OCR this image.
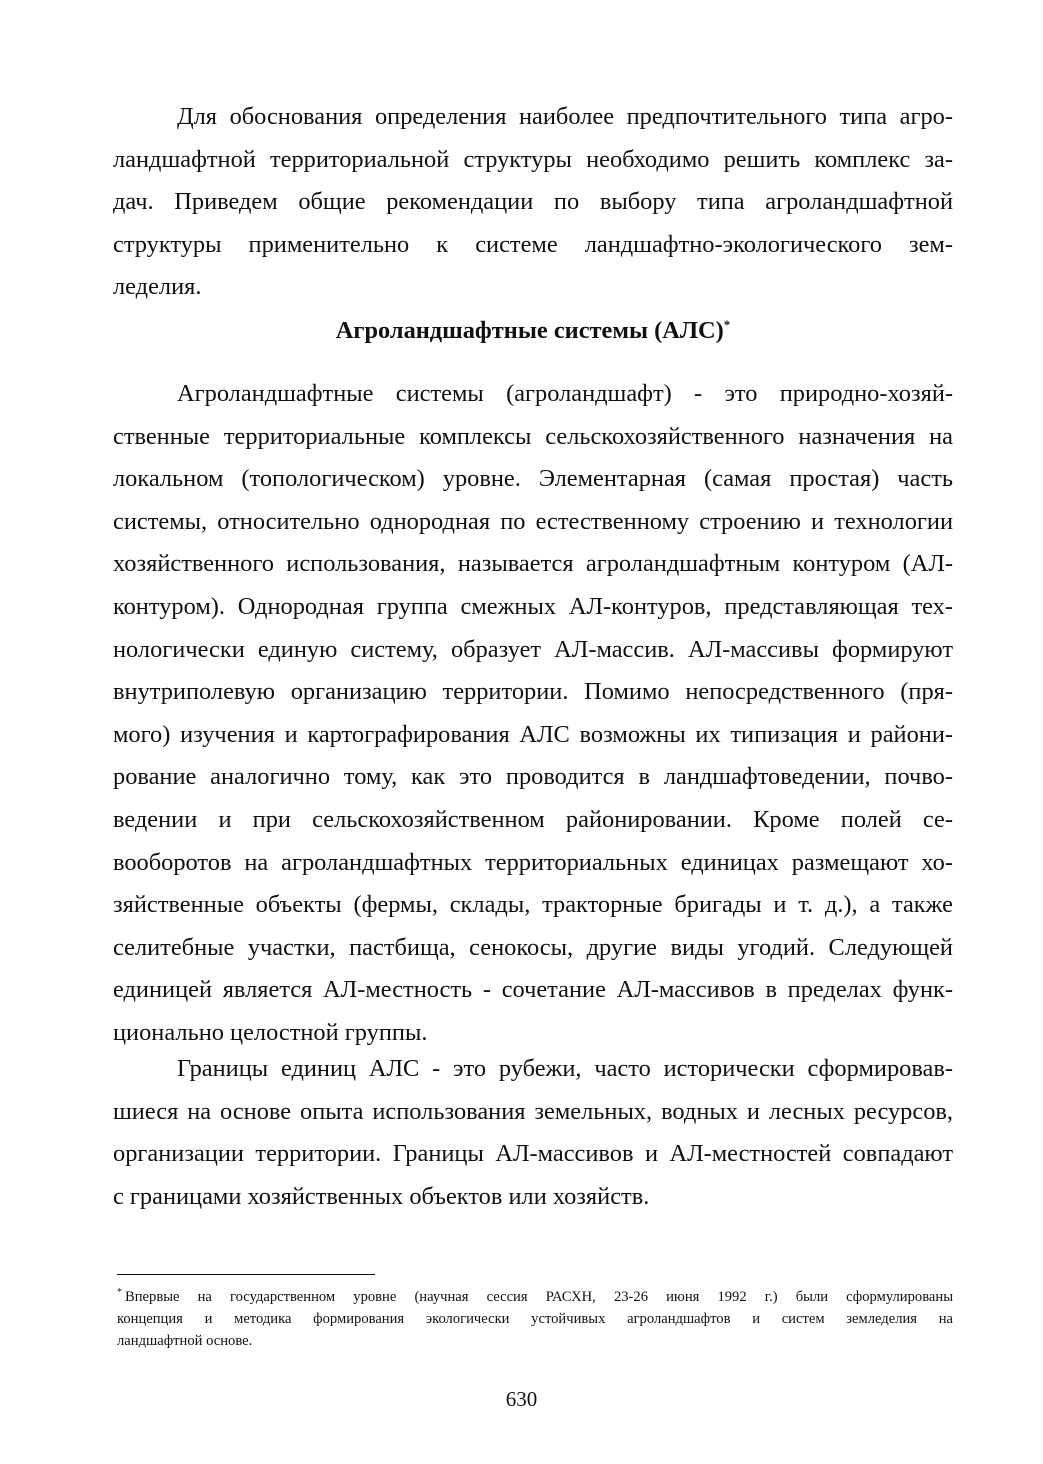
Для обоснования определения наиболее предпочтительного типа агро-
ландшафтной территориальной структуры необходимо решить комплекс за-
дач. Приведем общие рекомендации по выбору типа агроландшафтной
структуры применительно к системе ландшафтно-экологического зем-
леделия.
Агроландшафтные системы (АЛС)*
Агроландшафтные системы (агроландшафт) - это природно-хозяй-
ственные территориальные комплексы сельскохозяйственного назначения на
локальном (топологическом) уровне. Элементарная (самая простая) часть
системы, относительно однородная по естественному строению и технологии
хозяйственного использования, называется агроландшафтным контуром (АЛ-
контуром). Однородная группа смежных АЛ-контуров, представляющая тех-
нологически единую систему, образует АЛ-массив. АЛ-массивы формируют
внутриполевую организацию территории. Помимо непосредственного (пря-
мого) изучения и картографирования АЛС возможны их типизация и райони-
рование аналогично тому, как это проводится в ландшафтоведении, почво-
ведении и при сельскохозяйственном районировании. Кроме полей се-
вооборотов на агроландшафтных территориальных единицах размещают хо-
зяйственные объекты (фермы, склады, тракторные бригады и т. д.), а также
селитебные участки, пастбища, сенокосы, другие виды угодий. Следующей
единицей является АЛ-местность - сочетание АЛ-массивов в пределах функ-
ционально целостной группы.
Границы единиц АЛС - это рубежи, часто исторически сформировав-
шиеся на основе опыта использования земельных, водных и лесных ресурсов,
организации территории. Границы АЛ-массивов и АЛ-местностей совпадают
с границами хозяйственных объектов или хозяйств.
* Впервые на государственном уровне (научная сессия РАСХН, 23-26 июня 1992 г.) были сформулированы
концепция и методика формирования экологически устойчивых агроландшафтов и систем земледелия на
ландшафтной основе.
630
